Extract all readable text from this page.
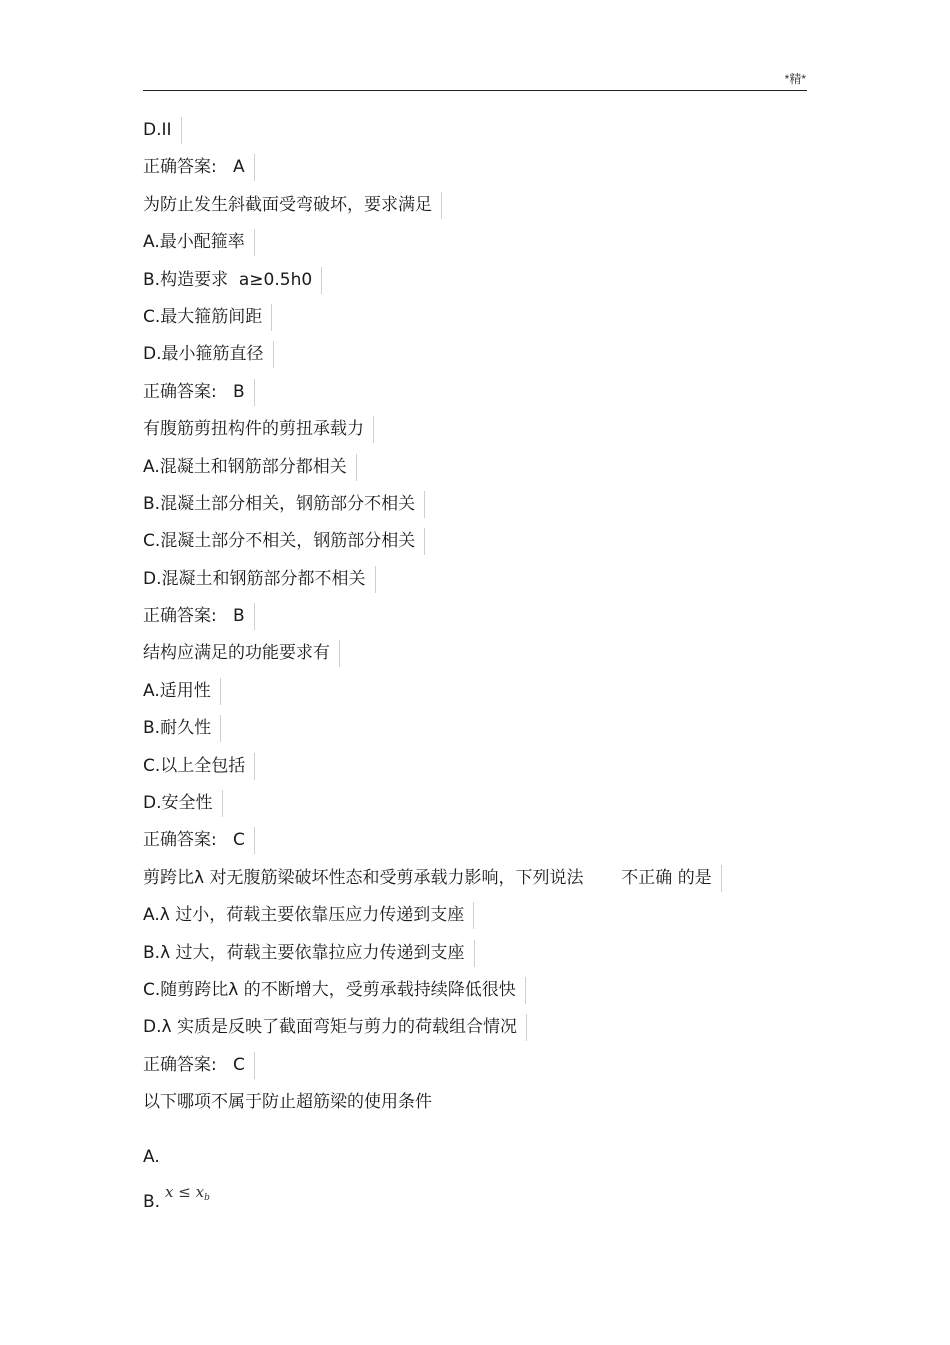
*精*
D.II
正确答案:   A
为防止发生斜截面受弯破坏，要求满足
A.最小配箍率
B.构造要求  a≥0.5h0
C.最大箍筋间距
D.最小箍筋直径
正确答案:   B
有腹筋剪扭构件的剪扭承载力
A.混凝土和钢筋部分都相关
B.混凝土部分相关，钢筋部分不相关
C.混凝土部分不相关，钢筋部分相关
D.混凝土和钢筋部分都不相关
正确答案:   B
结构应满足的功能要求有
A.适用性
B.耐久性
C.以上全包括
D.安全性
正确答案:   C
剪跨比λ 对无腹筋梁破坏性态和受剪承载力影响，下列说法       不正确 的是
A.λ 过小，荷载主要依靠压应力传递到支座
B.λ 过大，荷载主要依靠拉应力传递到支座
C.随剪跨比λ 的不断增大，受剪承载持续降低很快
D.λ 实质是反映了截面弯矩与剪力的荷载组合情况
正确答案:   C
以下哪项不属于防止超筋梁的使用条件
A.
B. $x \le x_b$
